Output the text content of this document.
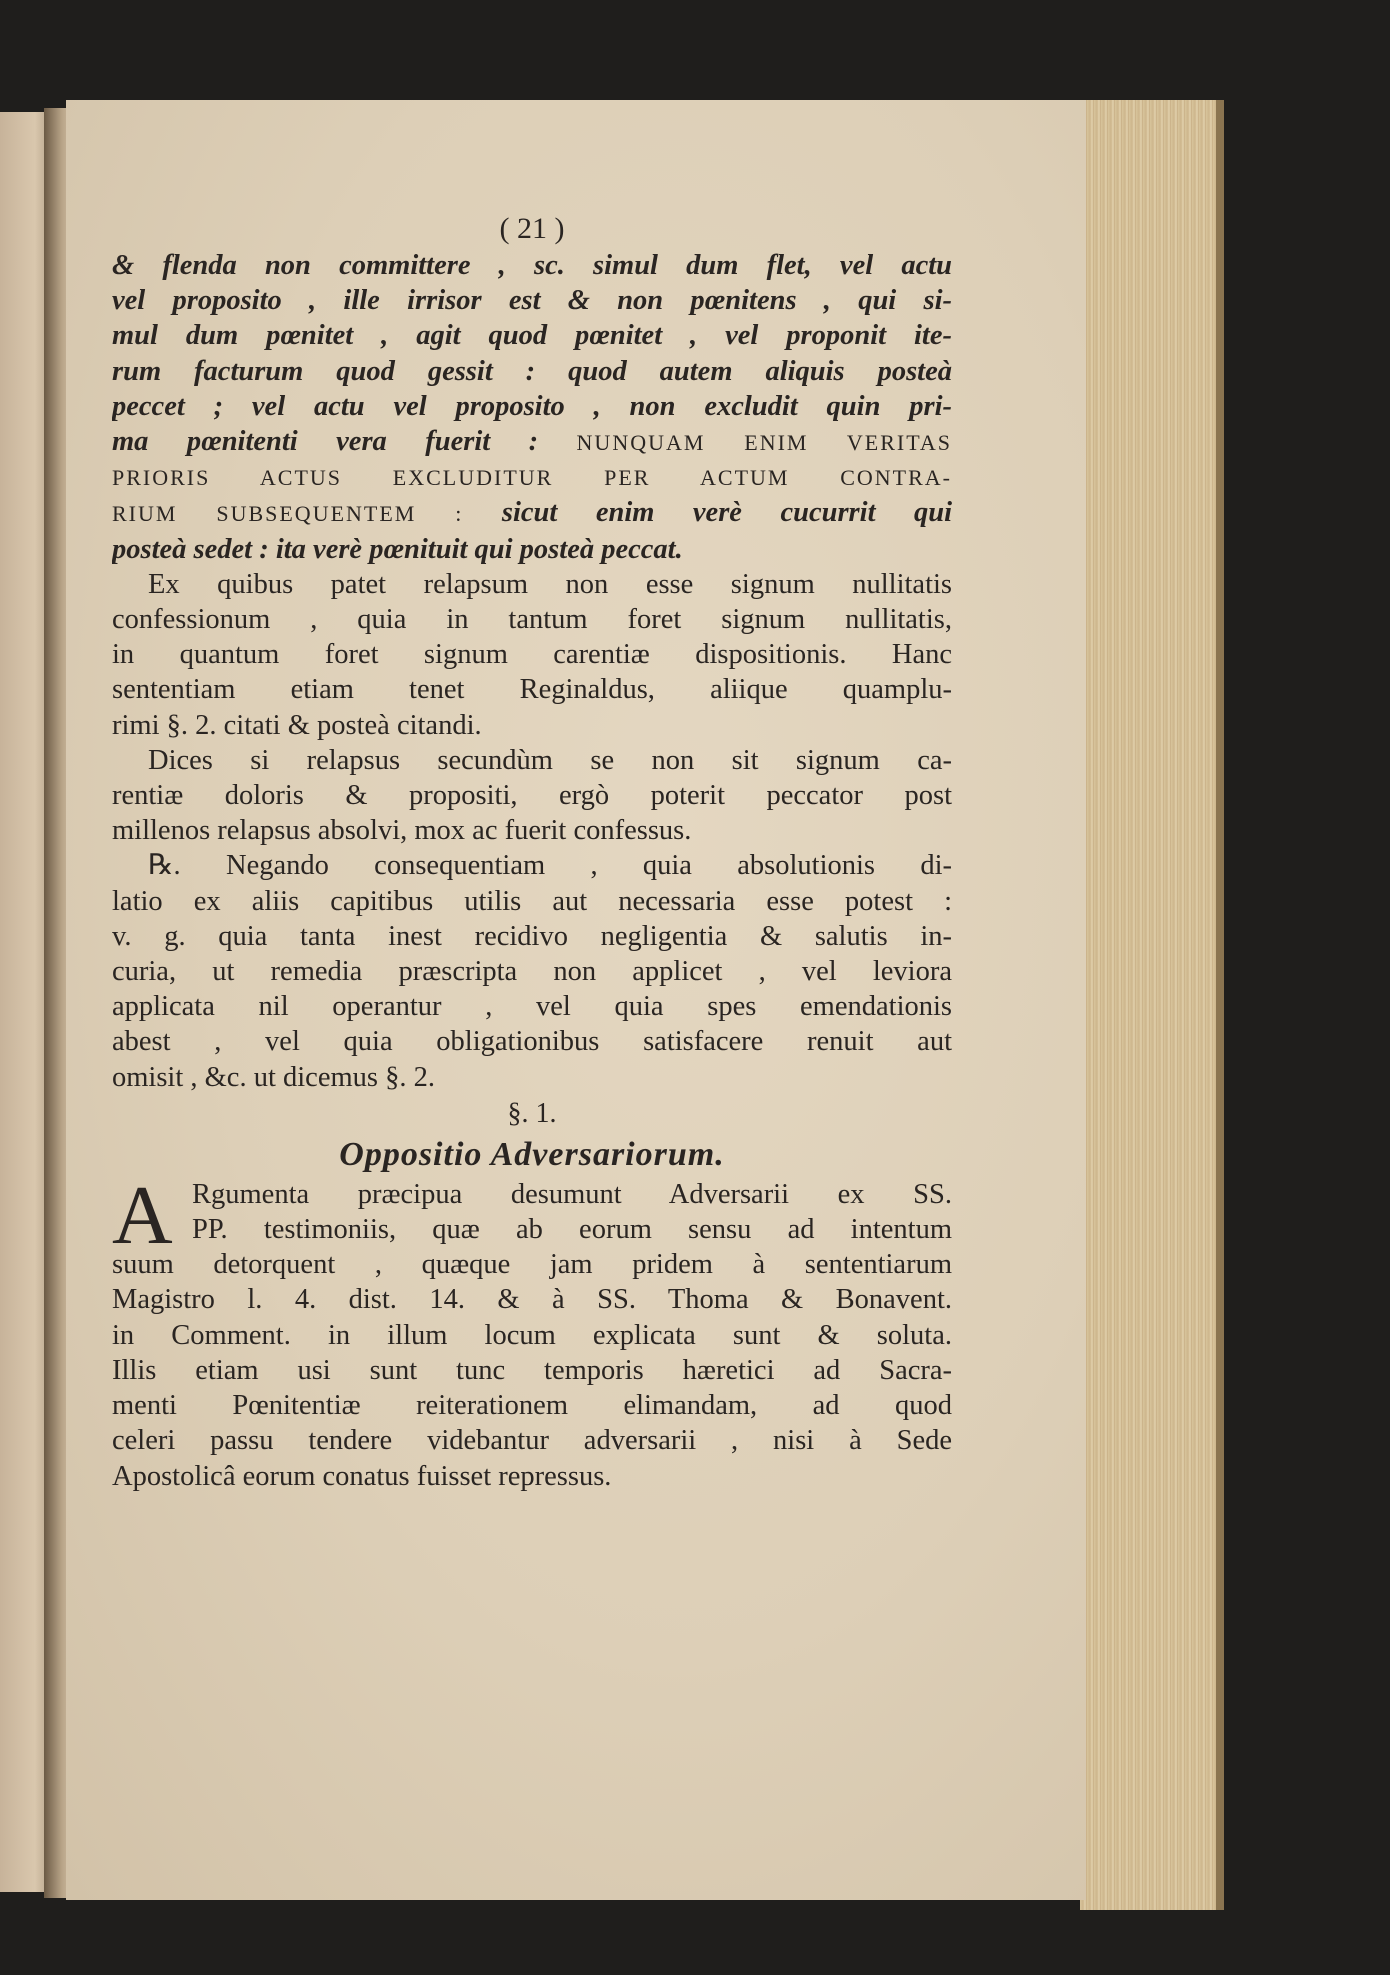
( 21 )
& flenda non committere , sc. simul dum flet, vel actu
vel proposito , ille irrisor est & non pœnitens , qui si-
mul dum pœnitet , agit quod pœnitet , vel proponit ite-
rum facturum quod gessit : quod autem aliquis posteà
peccet ; vel actu vel proposito , non excludit quin pri-
ma pœnitenti vera fuerit : NUNQUAM ENIM VERITAS
PRIORIS ACTUS EXCLUDITUR PER ACTUM CONTRA-
RIUM SUBSEQUENTEM : sicut enim verè cucurrit qui
posteà sedet : ita verè pœnituit qui posteà peccat.
Ex quibus patet relapsum non esse signum nullitatis
confessionum , quia in tantum foret signum nullitatis,
in quantum foret signum carentiæ dispositionis. Hanc
sententiam etiam tenet Reginaldus, aliique quamplu-
rimi §. 2. citati & posteà citandi.
Dices si relapsus secundùm se non sit signum ca-
rentiæ doloris & propositi, ergò poterit peccator post
millenos relapsus absolvi, mox ac fuerit confessus.
℞. Negando consequentiam , quia absolutionis di-
latio ex aliis capitibus utilis aut necessaria esse potest :
v. g. quia tanta inest recidivo negligentia & salutis in-
curia, ut remedia præscripta non applicet , vel leviora
applicata nil operantur , vel quia spes emendationis
abest , vel quia obligationibus satisfacere renuit aut
omisit , &c. ut dicemus §. 2.
§. 1.
Oppositio Adversariorum.
A Rgumenta præcipua desumunt Adversarii ex SS.
PP. testimoniis, quæ ab eorum sensu ad intentum
suum detorquent , quæque jam pridem à sententiarum
Magistro l. 4. dist. 14. & à SS. Thoma & Bonavent.
in Comment. in illum locum explicata sunt & soluta.
Illis etiam usi sunt tunc temporis hæretici ad Sacra-
menti Pœnitentiæ reiterationem elimandam, ad quod
celeri passu tendere videbantur adversarii , nisi à Sede
Apostolicâ eorum conatus fuisset repressus.
